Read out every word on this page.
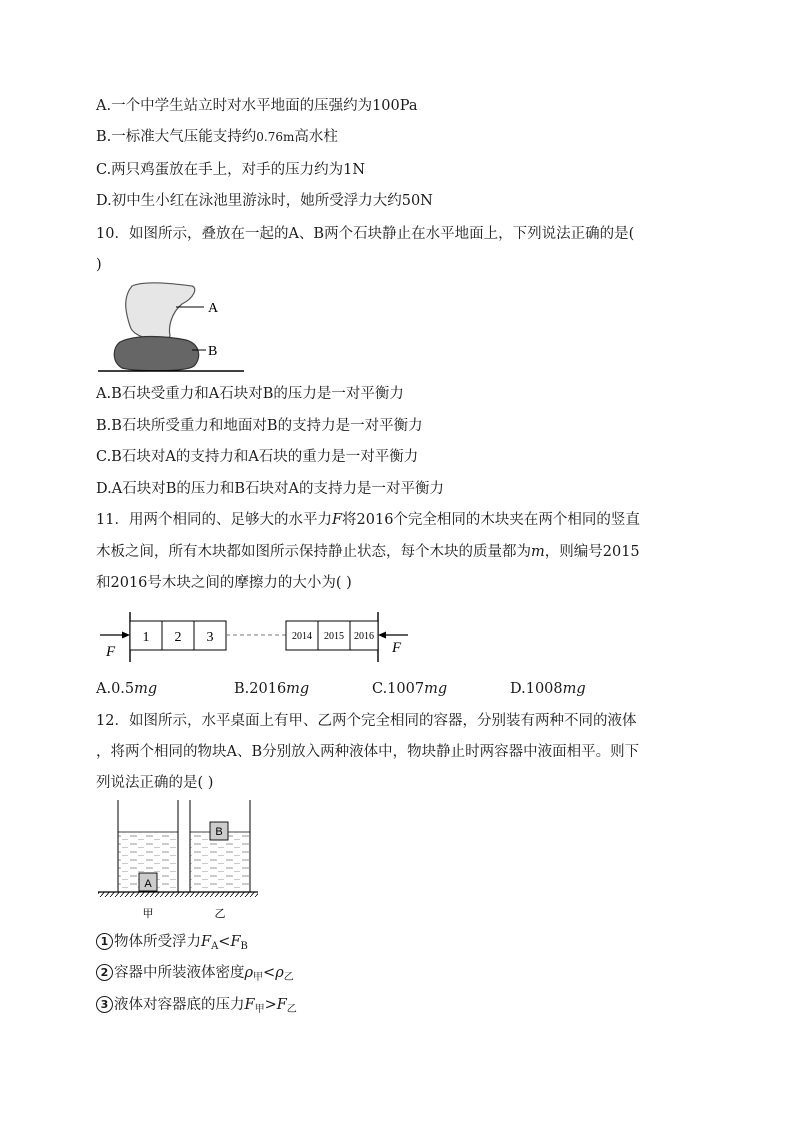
A.一个中学生站立时对水平地面的压强约为100Pa
B.一标准大气压能支持约0.76m高水柱
C.两只鸡蛋放在手上，对手的压力约为1N
D.初中生小红在泳池里游泳时，她所受浮力大约50N
10．如图所示，叠放在一起的A、B两个石块静止在水平地面上，下列说法正确的是(
)
A
B
A.B石块受重力和A石块对B的压力是一对平衡力
B.B石块所受重力和地面对B的支持力是一对平衡力
C.B石块对A的支持力和A石块的重力是一对平衡力
D.A石块对B的压力和B石块对A的支持力是一对平衡力
11．用两个相同的、足够大的水平力F将2016个完全相同的木块夹在两个相同的竖直
木板之间，所有木块都如图所示保持静止状态，每个木块的质量都为m，则编号2015
和2016号木块之间的摩擦力的大小为( )
1 2 3	2014 2015 2016
F	F
A.0.5mg	B.2016mg	C.1007mg	D.1008mg
12．如图所示，水平桌面上有甲、乙两个完全相同的容器，分别装有两种不同的液体
，将两个相同的物块A、B分别放入两种液体中，物块静止时两容器中液面相平。则下
列说法正确的是( )
A
B
甲	乙
1 物体所受浮力$F_A<F_B$
2 容器中所装液体密度$\rho_甲<\rho_乙$
3 液体对容器底的压力$F_甲>F_乙$
